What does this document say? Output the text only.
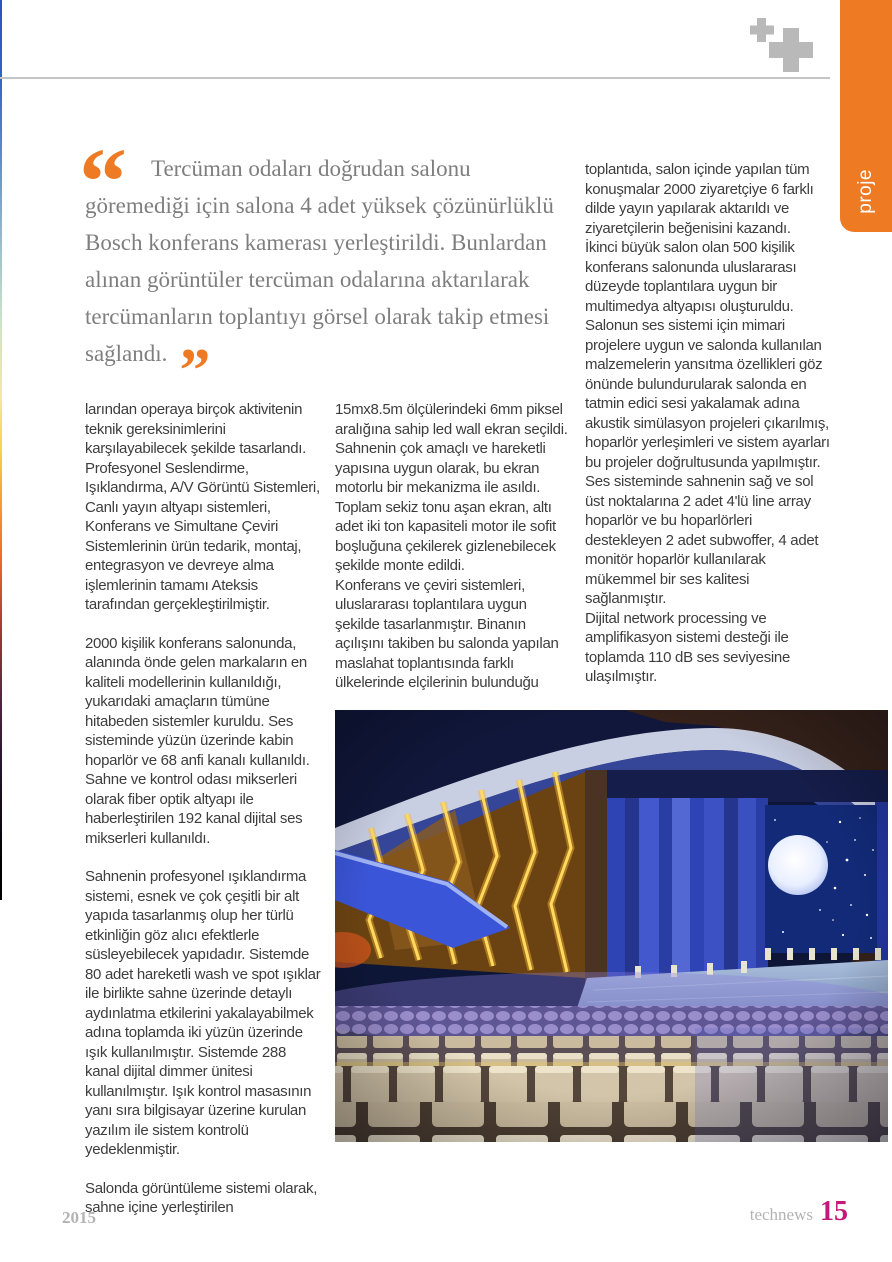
proje
“	Tercüman odaları doğrudan salonu göremediği için salona 4 adet yüksek çözünürlüklü Bosch konferans kamerası yerleştirildi. Bunlardan alınan görüntüler tercüman odalarına aktarılarak tercümanların toplantıyı görsel olarak takip etmesi sağlandı. ”

larından operaya birçok aktivitenin teknik gereksinimlerini karşılayabilecek şekilde tasarlandı. Profesyonel Seslendirme, Işıklandırma, A/V Görüntü Sistemleri, Canlı yayın altyapı sistemleri, Konferans ve Simultane Çeviri Sistemlerinin ürün tedarik, montaj, entegrasyon ve devreye alma işlemlerinin tamamı Ateksis tarafından gerçekleştirilmiştir.

2000 kişilik konferans salonunda, alanında önde gelen markaların en kaliteli modellerinin kullanıldığı, yukarıdaki amaçların tümüne hitabeden sistemler kuruldu. Ses sisteminde yüzün üzerinde kabin hoparlör ve 68 anfi kanalı kullanıldı. Sahne ve kontrol odası mikserleri olarak fiber optik altyapı ile haberleştirilen 192 kanal dijital ses mikserleri kullanıldı.

Sahnenin profesyonel ışıklandırma sistemi, esnek ve çok çeşitli bir alt yapıda tasarlanmış olup her türlü etkinliğin göz alıcı efektlerle süsleyebilecek yapıdadır. Sistemde 80 adet hareketli wash ve spot ışıklar ile birlikte sahne üzerinde detaylı aydınlatma etkilerini yakalayabilmek adına toplamda iki yüzün üzerinde ışık kullanılmıştır. Sistemde 288 kanal dijital dimmer ünitesi kullanılmıştır. Işık kontrol masasının yanı sıra bilgisayar üzerine kurulan yazılım ile sistem kontrolü yedeklenmiştir.

Salonda görüntüleme sistemi olarak, sahne içine yerleştirilen

15mx8.5m ölçülerindeki 6mm piksel aralığına sahip led wall ekran seçildi. Sahnenin çok amaçlı ve hareketli yapısına uygun olarak, bu ekran motorlu bir mekanizma ile asıldı. Toplam sekiz tonu aşan ekran, altı adet iki ton kapasiteli motor ile sofit boşluğuna çekilerek gizlenebilecek şekilde monte edildi.

Konferans ve çeviri sistemleri, uluslararası toplantılara uygun şekilde tasarlanmıştır. Binanın açılışını takiben bu salonda yapılan maslahat toplantısında farklı ülkelerinde elçilerinin bulunduğu

toplantıda, salon içinde yapılan tüm konuşmalar 2000 ziyaretçiye 6 farklı dilde yayın yapılarak aktarıldı ve ziyaretçilerin beğenisini kazandı.

İkinci büyük salon olan 500 kişilik konferans salonunda uluslararası düzeyde toplantılara uygun bir multimedya altyapısı oluşturuldu.

Salonun ses sistemi için mimari projelere uygun ve salonda kullanılan malzemelerin yansıtma özellikleri göz önünde bulundurularak salonda en tatmin edici sesi yakalamak adına akustik simülasyon projeleri çıkarılmış, hoparlör yerleşimleri ve sistem ayarları bu projeler doğrultusunda yapılmıştır.

Ses sisteminde sahnenin sağ ve sol üst noktalarına 2 adet 4'lü line array hoparlör ve bu hoparlörleri destekleyen 2 adet subwoffer, 4 adet monitör hoparlör kullanılarak mükemmel bir ses kalitesi sağlanmıştır.

Dijital network processing ve amplifikasyon sistemi desteği ile toplamda 110 dB ses seviyesine ulaşılmıştır.

2015	technews 15
